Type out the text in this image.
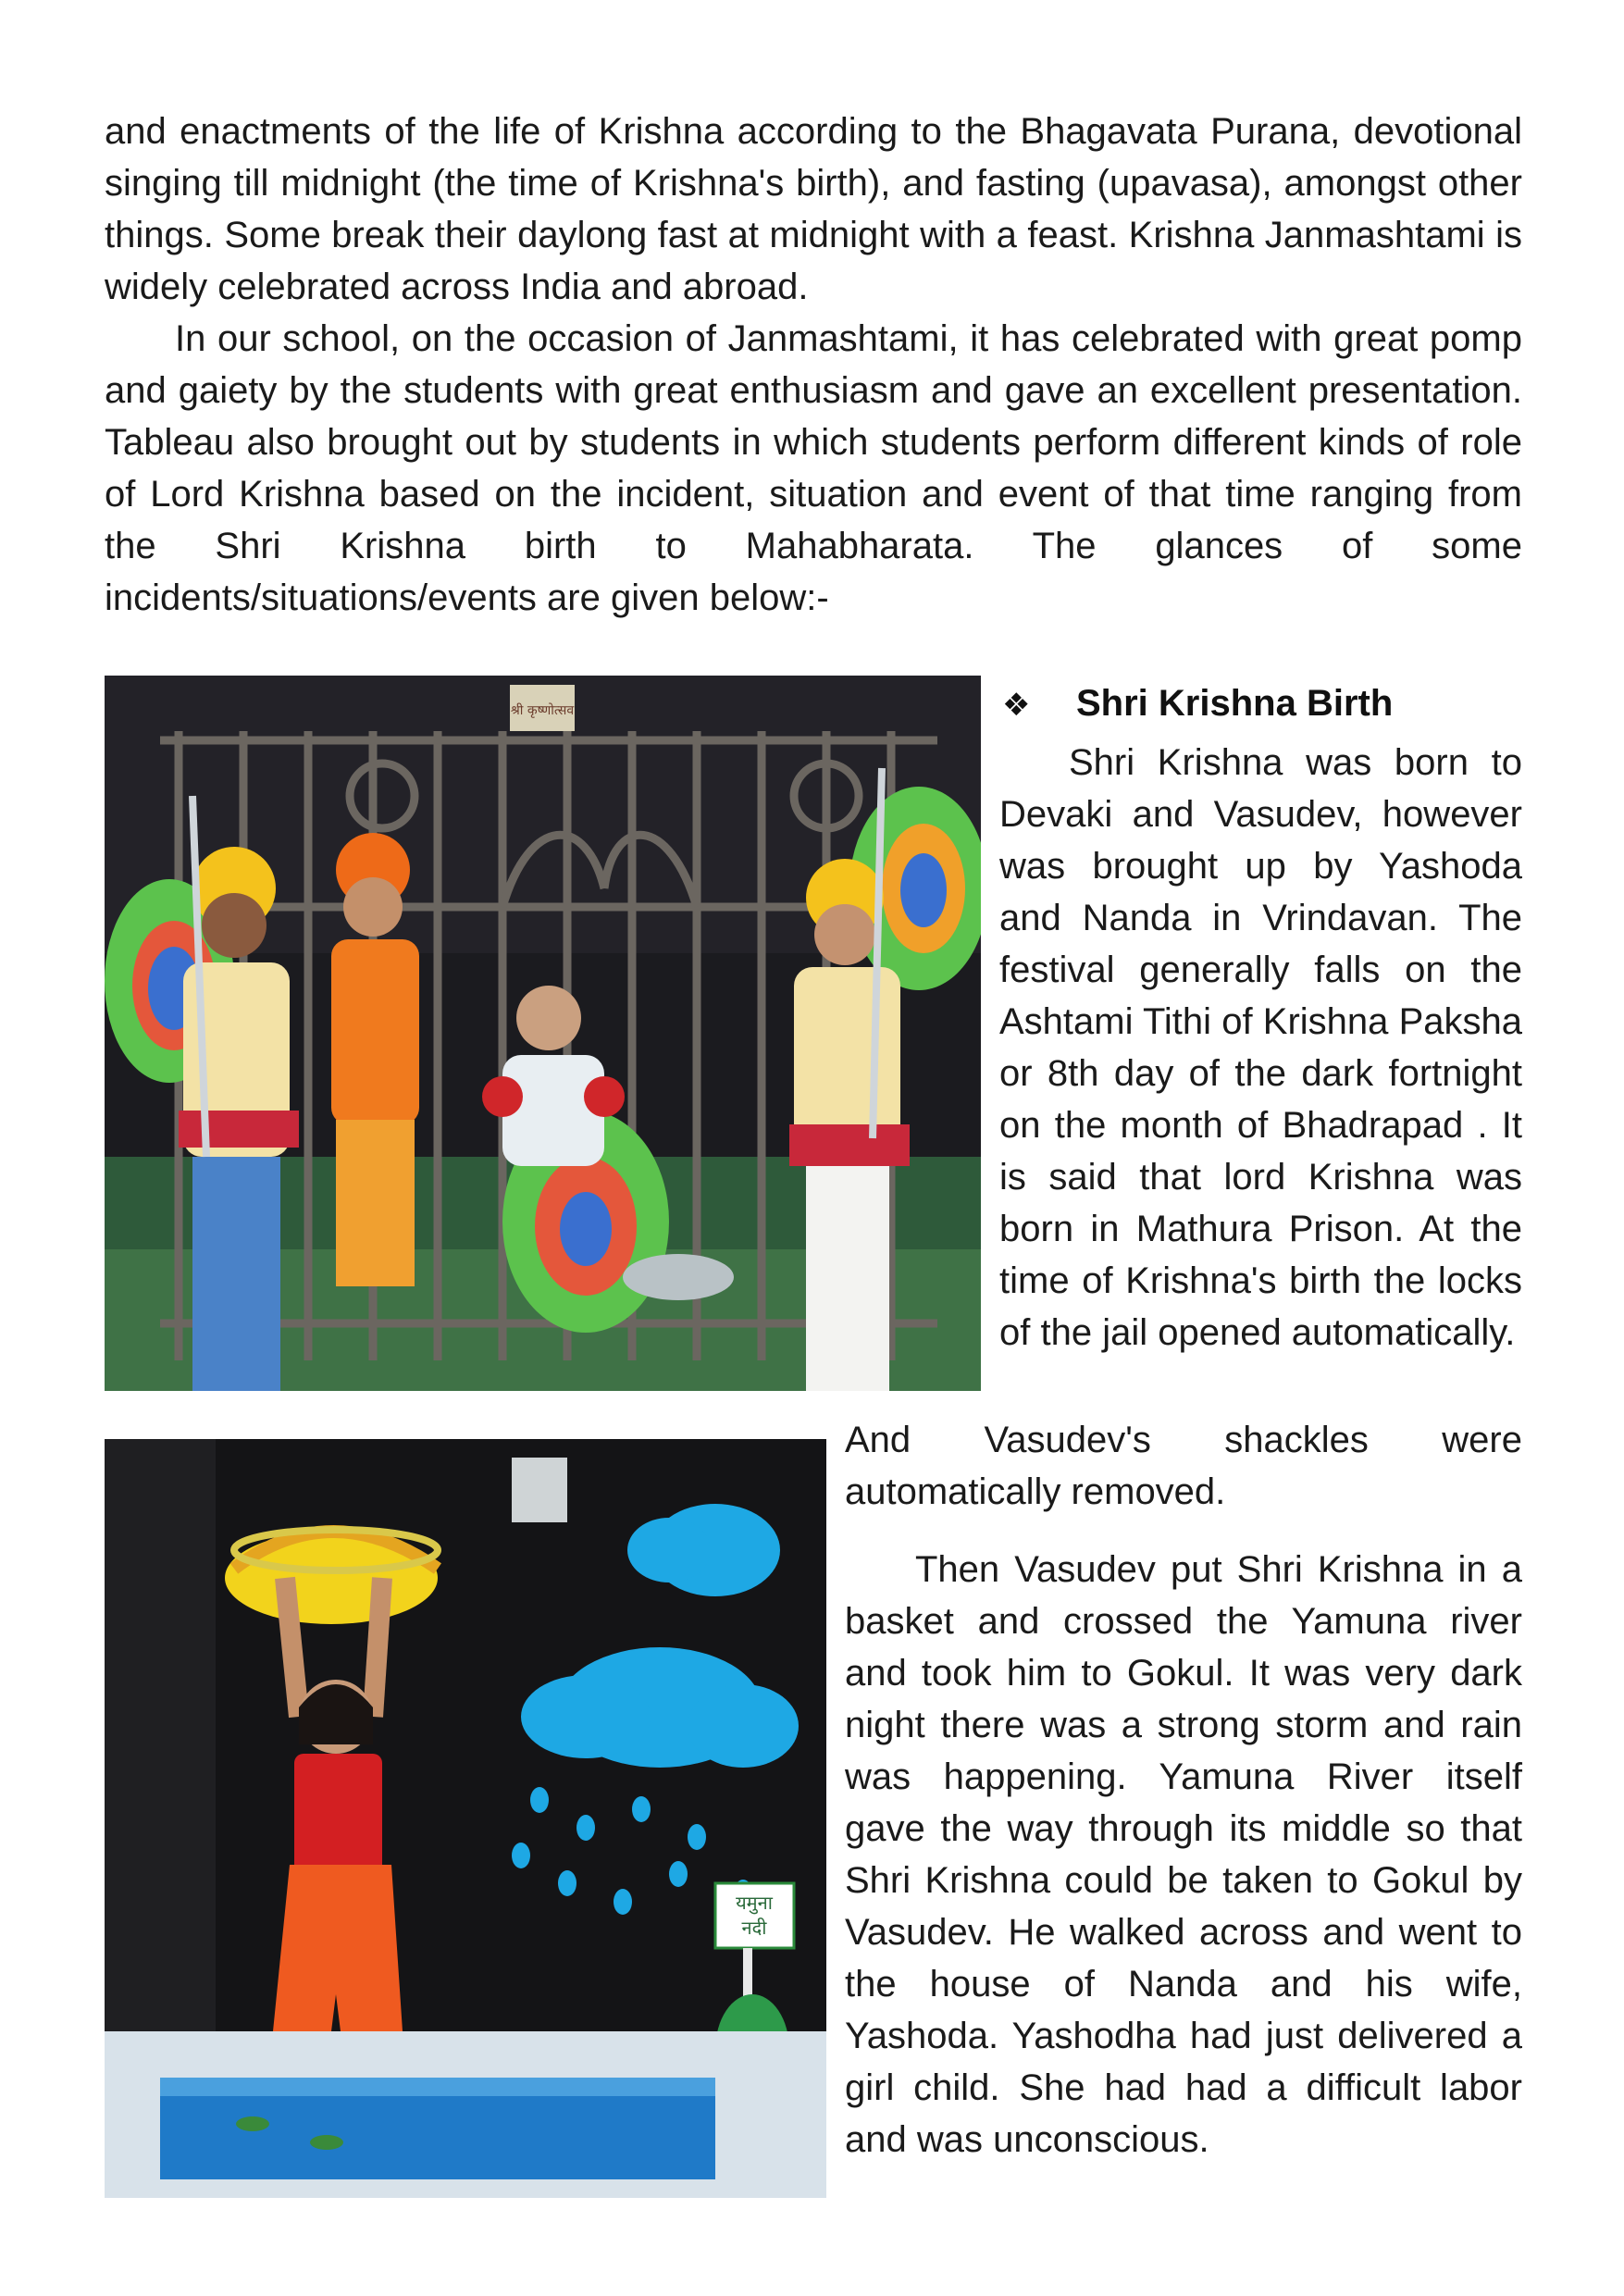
and enactments of the life of Krishna according to the Bhagavata Purana, devotional singing till midnight (the time of Krishna's birth), and fasting (upavasa), amongst other things. Some break their daylong fast at midnight with a feast. Krishna Janmashtami is widely celebrated across India and abroad.

In our school, on the occasion of Janmashtami, it has celebrated with great pomp and gaiety by the students with great enthusiasm and gave an excellent presentation. Tableau also brought out by students in which students perform different kinds of role of Lord Krishna based on the incident, situation and event of that time ranging from the Shri Krishna birth to Mahabharata. The glances of some incidents/situations/events are given below:-

श्री कृष्णोत्सव
यमुना
नदी
❖ Shri Krishna Birth

Shri Krishna was born to Devaki and Vasudev, however was brought up by Yashoda and Nanda in Vrindavan. The festival generally falls on the Ashtami Tithi of Krishna Paksha or 8th day of the dark fortnight on the month of Bhadrapad . It is said that lord Krishna was born in Mathura Prison. At the time of Krishna's birth the locks of the jail opened automatically.

And Vasudev's shackles were automatically removed.

Then Vasudev put Shri Krishna in a basket and crossed the Yamuna river and took him to Gokul. It was very dark night there was a strong storm and rain was happening. Yamuna River itself gave the way through its middle so that Shri Krishna could be taken to Gokul by Vasudev. He walked across and went to the house of Nanda and his wife, Yashoda. Yashodha had just delivered a girl child. She had had a difficult labor and was unconscious.
